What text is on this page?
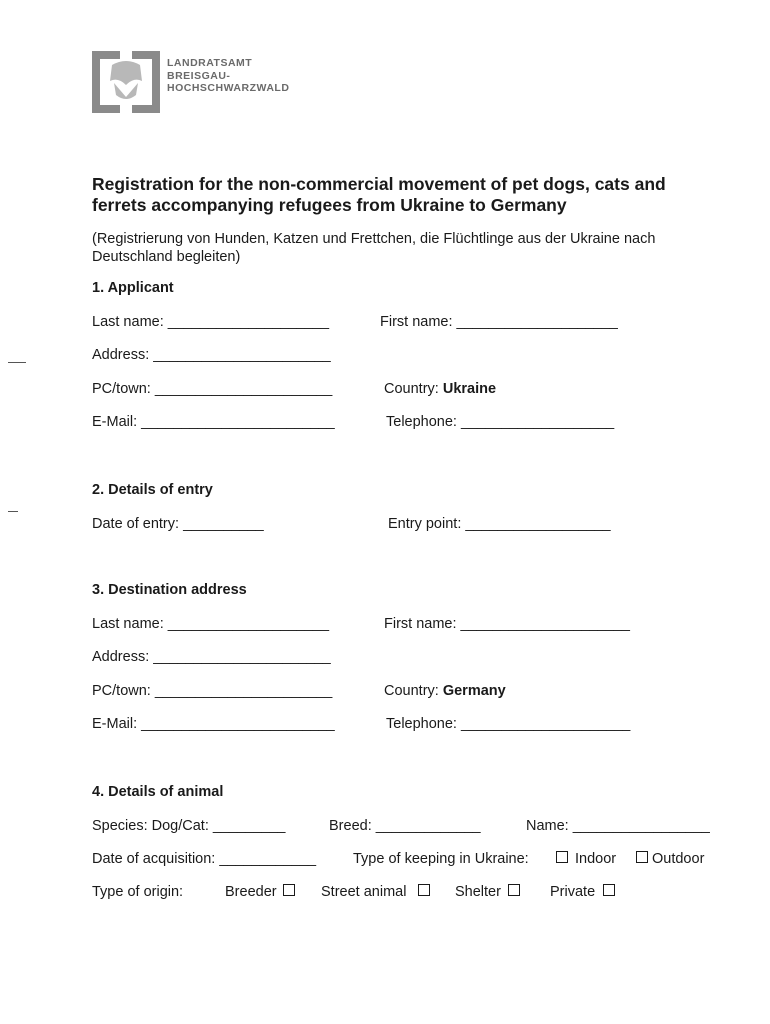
LANDRATSAMT
BREISGAU-
HOCHSCHWARZWALD
Registration for the non-commercial movement of pet dogs, cats and ferrets accompanying refugees from Ukraine to Germany
(Registrierung von Hunden, Katzen und Frettchen, die Flüchtlinge aus der Ukraine nach Deutschland begleiten)
1. Applicant
Last name: ____________________	First name: ____________________
Address: ______________________
PC/town: ______________________	Country: Ukraine
E-Mail: ________________________	Telephone: ___________________
2. Details of entry
Date of entry: __________	Entry point: __________________
3. Destination address
Last name: ____________________	First name: _____________________
Address: ______________________
PC/town: ______________________	Country: Germany
E-Mail: ________________________	Telephone: _____________________
4. Details of animal
Species: Dog/Cat: _________	Breed: _____________	Name: _________________
Date of acquisition: ____________	Type of keeping in Ukraine:	Indoor Outdoor
Type of origin:	Breeder	Street animal	Shelter	Private
